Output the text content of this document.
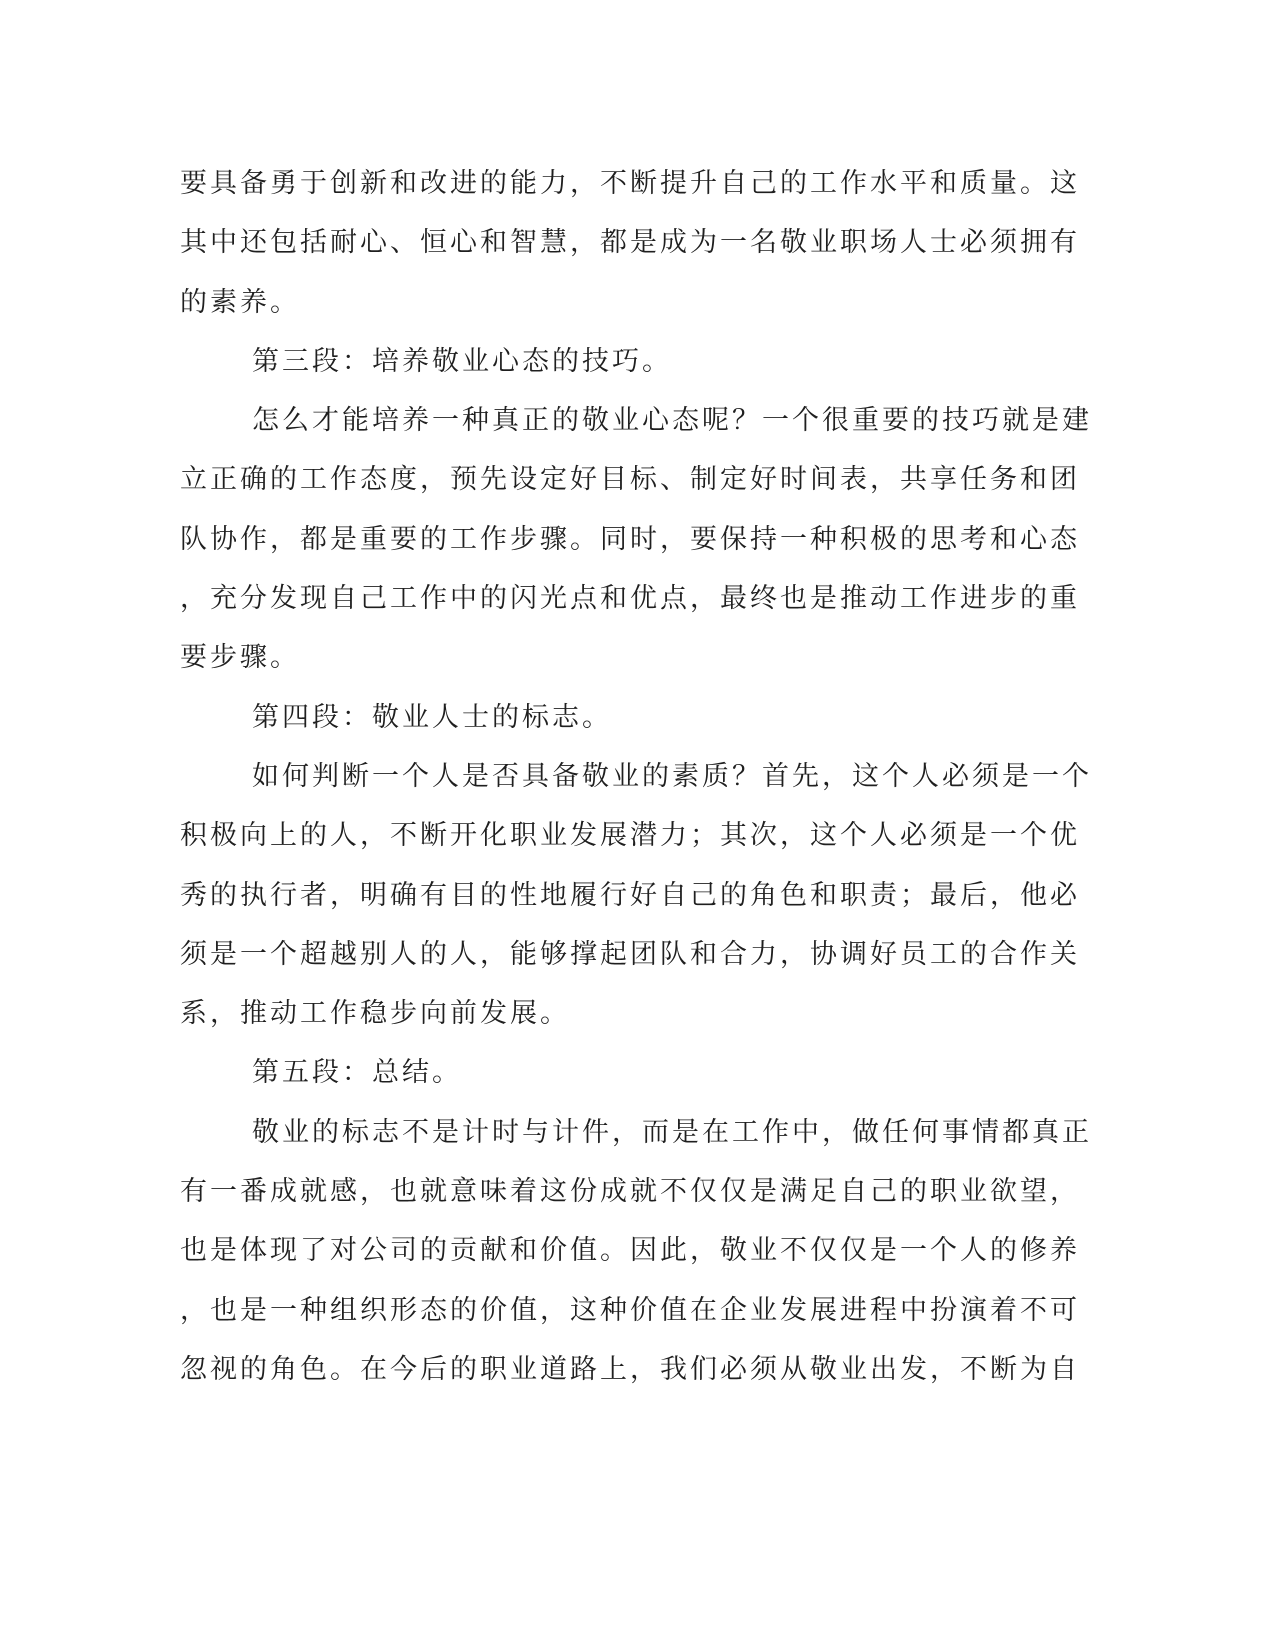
要具备勇于创新和改进的能力，不断提升自己的工作水平和质量。这
其中还包括耐心、恒心和智慧，都是成为一名敬业职场人士必须拥有
的素养。
第三段：培养敬业心态的技巧。
怎么才能培养一种真正的敬业心态呢？一个很重要的技巧就是建
立正确的工作态度，预先设定好目标、制定好时间表，共享任务和团
队协作，都是重要的工作步骤。同时，要保持一种积极的思考和心态
，充分发现自己工作中的闪光点和优点，最终也是推动工作进步的重
要步骤。
第四段：敬业人士的标志。
如何判断一个人是否具备敬业的素质？首先，这个人必须是一个
积极向上的人，不断开化职业发展潜力；其次，这个人必须是一个优
秀的执行者，明确有目的性地履行好自己的角色和职责；最后，他必
须是一个超越别人的人，能够撑起团队和合力，协调好员工的合作关
系，推动工作稳步向前发展。
第五段：总结。
敬业的标志不是计时与计件，而是在工作中，做任何事情都真正
有一番成就感，也就意味着这份成就不仅仅是满足自己的职业欲望，
也是体现了对公司的贡献和价值。因此，敬业不仅仅是一个人的修养
，也是一种组织形态的价值，这种价值在企业发展进程中扮演着不可
忽视的角色。在今后的职业道路上，我们必须从敬业出发，不断为自
